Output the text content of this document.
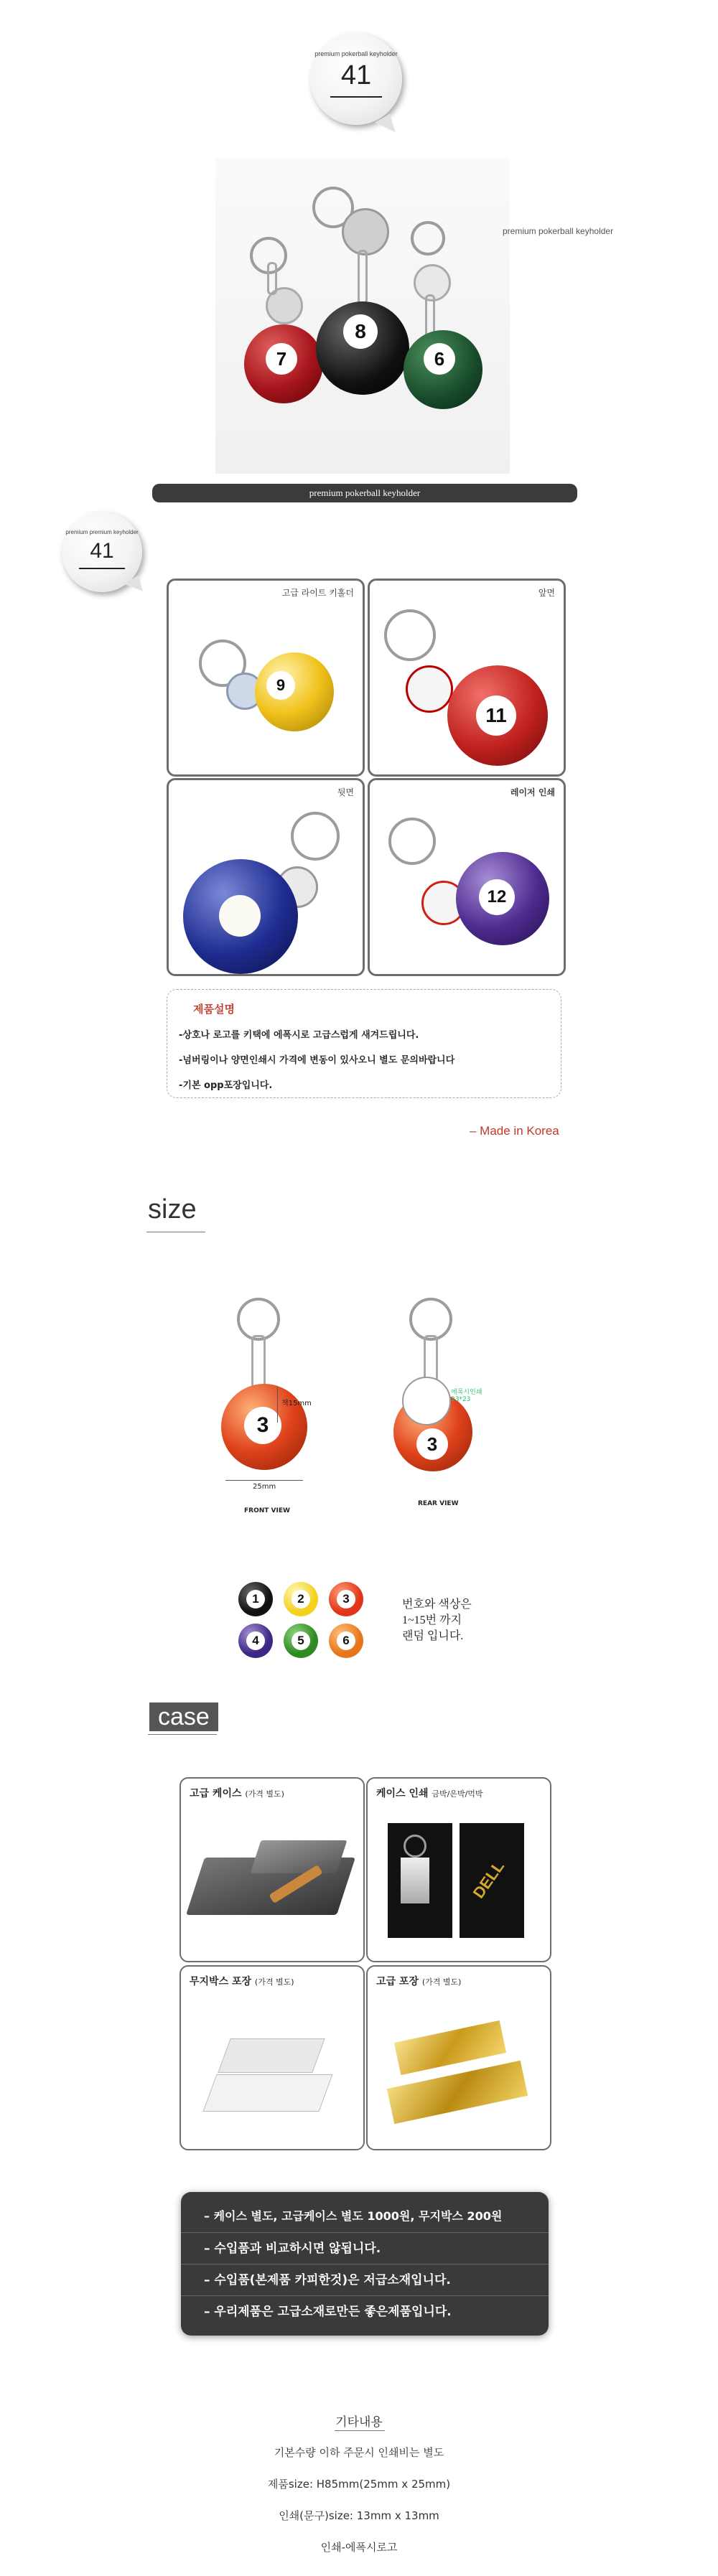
premium pokerball keyholder
41
7
8
6
premium pokerball keyholder
premium pokerball keyholder
premium premium keyholder
41
고급 라이트 키홀더
9
앞면
11
뒷면	레이저 인쇄
12
제품설명
-상호나 로고를 키택에 에폭시로 고급스럽게 새겨드립니다.
-넘버링이나 양면인쇄시 가격에 변동이 있사오니 별도 문의바랍니다
-기본 opp포장입니다.
– Made in Korea
size
3
책15mm
25mm
FRONT VIEW
3
에폭시인쇄 23*23
REAR VIEW
1	2	3
4	5	6
번호와 색상은
1~15번 까지
랜덤 입니다.
case
고급 케이스 (가격 별도)	케이스 인쇄 금박/은박/먹박
DELL
무지박스 포장 (가격 별도)	고급 포장 (가격 별도)
– 케이스 별도, 고급케이스 별도 1000원, 무지박스 200원
– 수입품과 비교하시면 않됩니다.
– 수입품(본제품 카피한것)은 저급소재입니다.
– 우리제품은 고급소재로만든 좋은제품입니다.
기타내용
기본수량 이하 주문시 인쇄비는 별도
제품size: H85mm(25mm x 25mm)
인쇄(문구)size: 13mm x 13mm
인쇄-에폭시로고
